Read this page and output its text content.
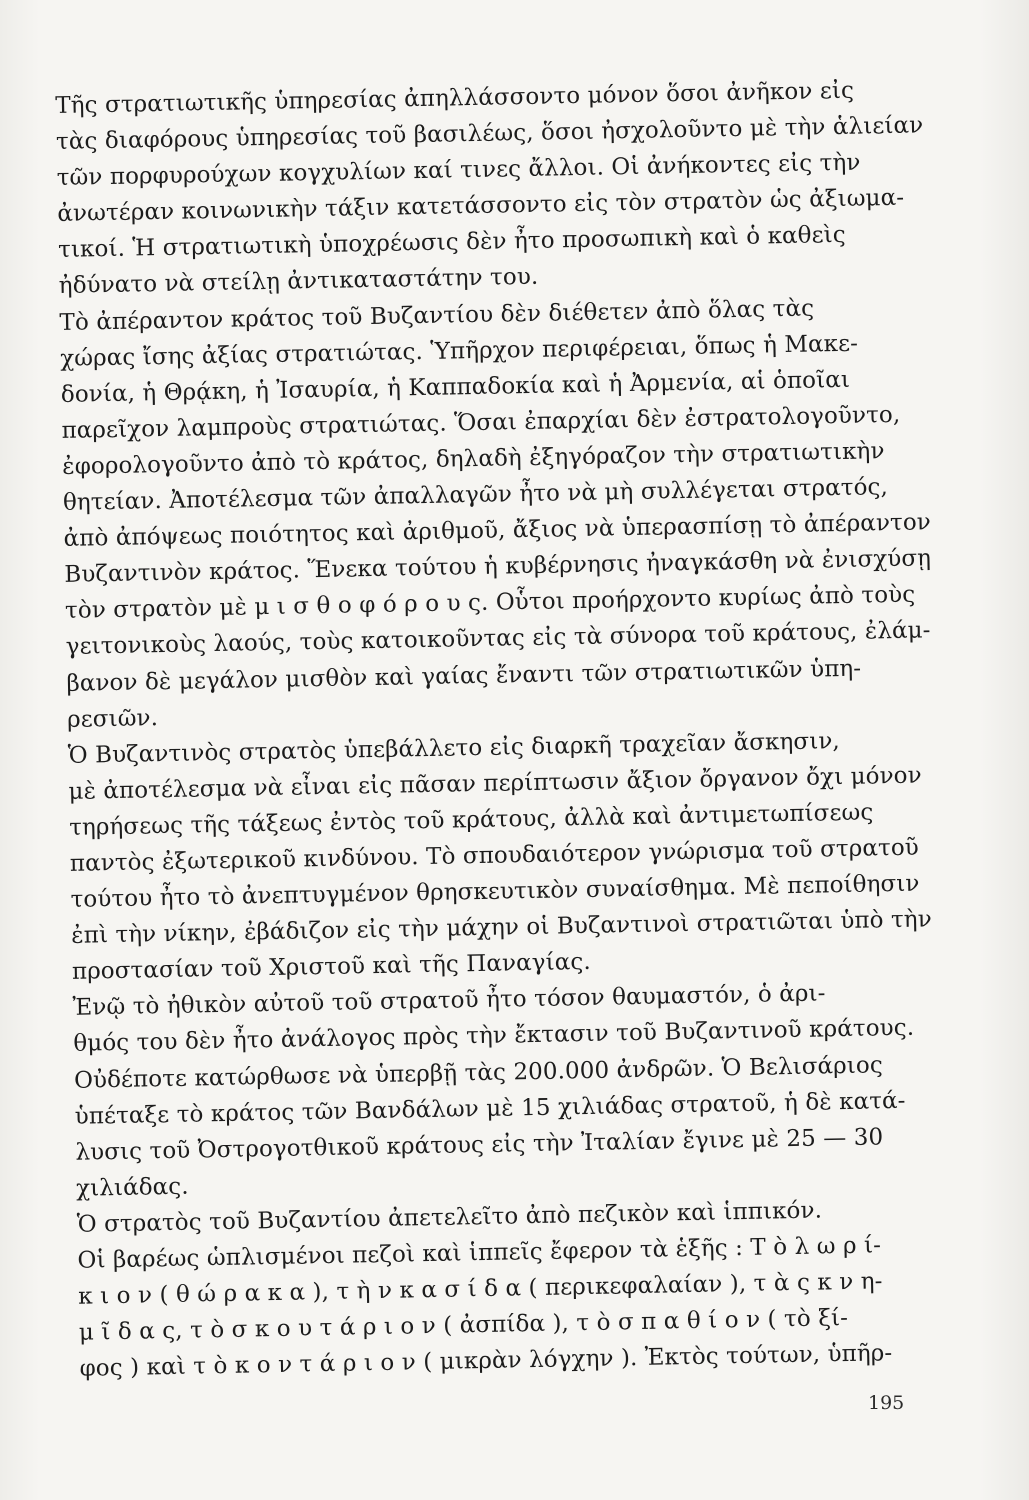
Τῆς στρατιωτικῆς ὑπηρεσίας ἀπηλλάσσοντο μόνον ὅσοι ἀνῆκον εἰς
τὰς διαφόρους ὑπηρεσίας τοῦ βασιλέως, ὅσοι ἠσχολοῦντο μὲ τὴν ἁλιείαν
τῶν πορφυρούχων κογχυλίων καί τινες ἄλλοι. Οἱ ἀνήκοντες εἰς τὴν
ἀνωτέραν κοινωνικὴν τάξιν κατετάσσοντο εἰς τὸν στρατὸν ὡς ἀξιωμα-
τικοί. Ἡ στρατιωτικὴ ὑποχρέωσις δὲν ἦτο προσωπικὴ καὶ ὁ καθεὶς
ἠδύνατο νὰ στείλῃ ἀντικαταστάτην του.
Τὸ ἀπέραντον κράτος τοῦ Βυζαντίου δὲν διέθετεν ἀπὸ ὅλας τὰς
χώρας ἴσης ἀξίας στρατιώτας. Ὑπῆρχον περιφέρειαι, ὅπως ἡ Μακε-
δονία, ἡ Θρᾴκη, ἡ Ἰσαυρία, ἡ Καππαδοκία καὶ ἡ Ἀρμενία, αἱ ὁποῖαι
παρεῖχον λαμπροὺς στρατιώτας. Ὅσαι ἐπαρχίαι δὲν ἐστρατολογοῦντο,
ἐφορολογοῦντο ἀπὸ τὸ κράτος, δηλαδὴ ἐξηγόραζον τὴν στρατιωτικὴν
θητείαν. Ἀποτέλεσμα τῶν ἀπαλλαγῶν ἦτο νὰ μὴ συλλέγεται στρατός,
ἀπὸ ἀπόψεως ποιότητος καὶ ἀριθμοῦ, ἄξιος νὰ ὑπερασπίσῃ τὸ ἀπέραντον
Βυζαντινὸν κράτος. Ἕνεκα τούτου ἡ κυβέρνησις ἠναγκάσθη νὰ ἐνισχύσῃ
τὸν στρατὸν μὲ μ ι σ θ ο φ ό ρ ο υ ς. Οὗτοι προήρχοντο κυρίως ἀπὸ τοὺς
γειτονικοὺς λαούς, τοὺς κατοικοῦντας εἰς τὰ σύνορα τοῦ κράτους, ἐλάμ-
βανον δὲ μεγάλον μισθὸν καὶ γαίας ἔναντι τῶν στρατιωτικῶν ὑπη-
ρεσιῶν.
Ὁ Βυζαντινὸς στρατὸς ὑπεβάλλετο εἰς διαρκῆ τραχεῖαν ἄσκησιν,
μὲ ἀποτέλεσμα νὰ εἶναι εἰς πᾶσαν περίπτωσιν ἄξιον ὄργανον ὄχι μόνον
τηρήσεως τῆς τάξεως ἐντὸς τοῦ κράτους, ἀλλὰ καὶ ἀντιμετωπίσεως
παντὸς ἐξωτερικοῦ κινδύνου. Τὸ σπουδαιότερον γνώρισμα τοῦ στρατοῦ
τούτου ἦτο τὸ ἀνεπτυγμένον θρησκευτικὸν συναίσθημα. Μὲ πεποίθησιν
ἐπὶ τὴν νίκην, ἐβάδιζον εἰς τὴν μάχην οἱ Βυζαντινοὶ στρατιῶται ὑπὸ τὴν
προστασίαν τοῦ Χριστοῦ καὶ τῆς Παναγίας.
Ἐνῷ τὸ ἠθικὸν αὐτοῦ τοῦ στρατοῦ ἦτο τόσον θαυμαστόν, ὁ ἀρι-
θμός του δὲν ἦτο ἀνάλογος πρὸς τὴν ἔκτασιν τοῦ Βυζαντινοῦ κράτους.
Οὐδέποτε κατώρθωσε νὰ ὑπερβῇ τὰς 200.000 ἀνδρῶν. Ὁ Βελισάριος
ὑπέταξε τὸ κράτος τῶν Βανδάλων μὲ 15 χιλιάδας στρατοῦ, ἡ δὲ κατά-
λυσις τοῦ Ὀστρογοτθικοῦ κράτους εἰς τὴν Ἰταλίαν ἔγινε μὲ 25 — 30
χιλιάδας.
Ὁ στρατὸς τοῦ Βυζαντίου ἀπετελεῖτο ἀπὸ πεζικὸν καὶ ἱππικόν.
Οἱ βαρέως ὡπλισμένοι πεζοὶ καὶ ἱππεῖς ἔφερον τὰ ἑξῆς : Τ ὸ λ ω ρ ί-
κ ι ο ν ( θ ώ ρ α κ α ), τ ὴ ν κ α σ ί δ α ( περικεφαλαίαν ), τ ὰ ς κ ν η-
μ ῖ δ α ς, τ ὸ σ κ ο υ τ ά ρ ι ο ν ( ἀσπίδα ), τ ὸ σ π α θ ί ο ν ( τὸ ξί-
φος ) καὶ τ ὸ κ ο ν τ ά ρ ι ο ν ( μικρὰν λόγχην ). Ἐκτὸς τούτων, ὑπῆρ-
195
